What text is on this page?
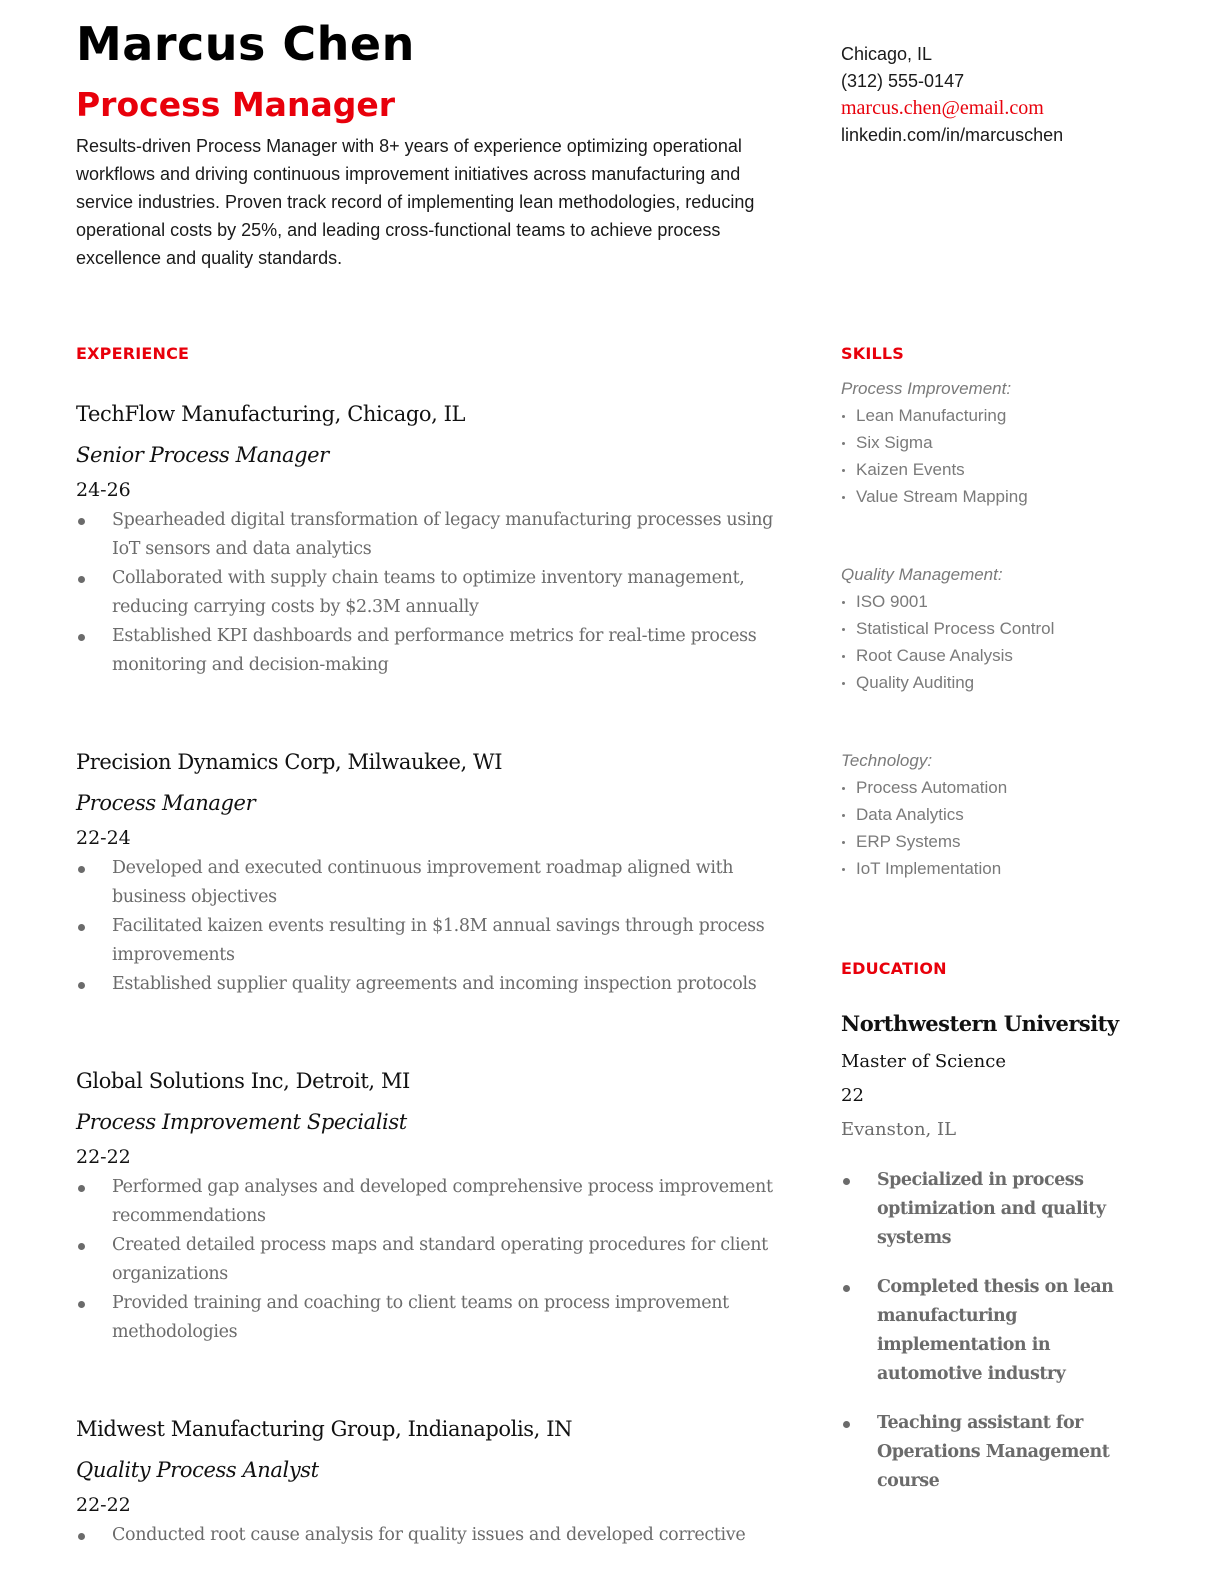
Marcus Chen
Process Manager

Results-driven Process Manager with 8+ years of experience optimizing operational workflows and driving continuous improvement initiatives across manufacturing and service industries. Proven track record of implementing lean methodologies, reducing operational costs by 25%, and leading cross-functional teams to achieve process excellence and quality standards.

EXPERIENCE

TechFlow Manufacturing, Chicago, IL

Senior Process Manager

24-26

Spearheaded digital transformation of legacy manufacturing processes using IoT sensors and data analytics
Collaborated with supply chain teams to optimize inventory management, reducing carrying costs by $2.3M annually
Established KPI dashboards and performance metrics for real-time process monitoring and decision-making

Precision Dynamics Corp, Milwaukee, WI

Process Manager

22-24

Developed and executed continuous improvement roadmap aligned with business objectives
Facilitated kaizen events resulting in $1.8M annual savings through process improvements
Established supplier quality agreements and incoming inspection protocols

Global Solutions Inc, Detroit, MI

Process Improvement Specialist

22-22

Performed gap analyses and developed comprehensive process improvement recommendations
Created detailed process maps and standard operating procedures for client organizations
Provided training and coaching to client teams on process improvement methodologies

Midwest Manufacturing Group, Indianapolis, IN

Quality Process Analyst

22-22

Conducted root cause analysis for quality issues and developed corrective
Chicago, IL
(312) 555-0147
marcus.chen@email.com
linkedin.com/in/marcuschen
SKILLS

Process Improvement:

Lean Manufacturing
Six Sigma
Kaizen Events
Value Stream Mapping

Quality Management:

ISO 9001
Statistical Process Control
Root Cause Analysis
Quality Auditing

Technology:

Process Automation
Data Analytics
ERP Systems
IoT Implementation
EDUCATION

Northwestern University

Master of Science

22

Evanston, IL

Specialized in process optimization and quality systems
Completed thesis on lean manufacturing implementation in automotive industry
Teaching assistant for Operations Management course
